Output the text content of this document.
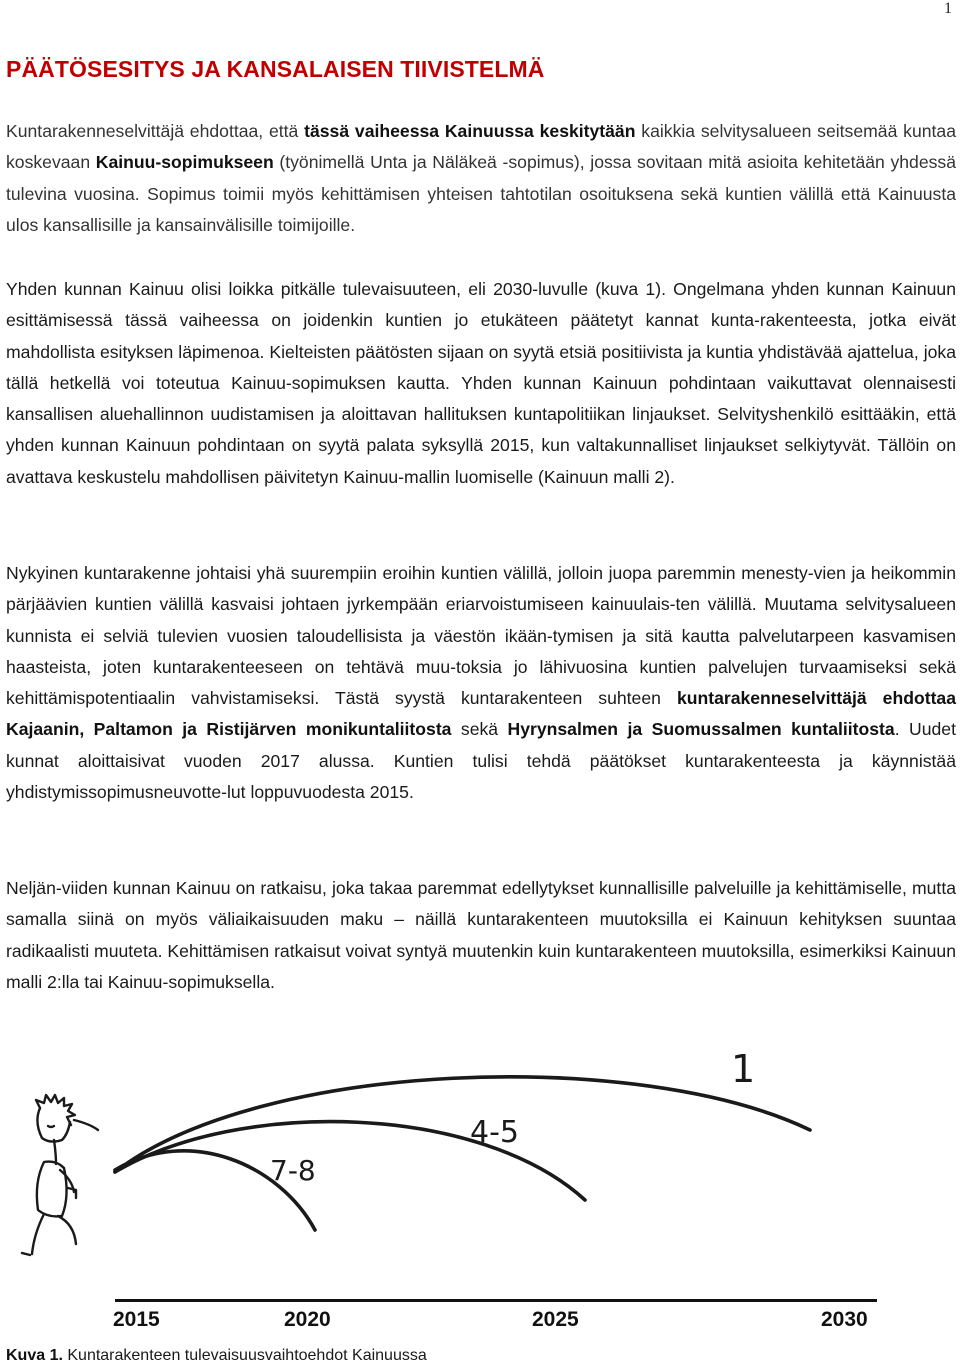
1
PÄÄTÖSESITYS JA KANSALAISEN TIIVISTELMÄ

Kuntarakenneselvittäjä ehdottaa, että tässä vaiheessa Kainuussa keskitytään kaikkia selvitysalueen seitsemää kuntaa koskevaan Kainuu-sopimukseen (työnimellä Unta ja Näläkeä -sopimus), jossa sovitaan mitä asioita kehitetään yhdessä tulevina vuosina. Sopimus toimii myös kehittämisen yhteisen tahtotilan osoituksena sekä kuntien välillä että Kainuusta ulos kansallisille ja kansainvälisille toimijoille.

Yhden kunnan Kainuu olisi loikka pitkälle tulevaisuuteen, eli 2030-luvulle (kuva 1). Ongelmana yhden kunnan Kainuun esittämisessä tässä vaiheessa on joidenkin kuntien jo etukäteen päätetyt kannat kunta-rakenteesta, jotka eivät mahdollista esityksen läpimenoa. Kielteisten päätösten sijaan on syytä etsiä positiivista ja kuntia yhdistävää ajattelua, joka tällä hetkellä voi toteutua Kainuu-sopimuksen kautta. Yhden kunnan Kainuun pohdintaan vaikuttavat olennaisesti kansallisen aluehallinnon uudistamisen ja aloittavan hallituksen kuntapolitiikan linjaukset. Selvityshenkilö esittääkin, että yhden kunnan Kainuun pohdintaan on syytä palata syksyllä 2015, kun valtakunnalliset linjaukset selkiytyvät. Tällöin on avattava keskustelu mahdollisen päivitetyn Kainuu-mallin luomiselle (Kainuun malli 2).

Nykyinen kuntarakenne johtaisi yhä suurempiin eroihin kuntien välillä, jolloin juopa paremmin menesty-vien ja heikommin pärjäävien kuntien välillä kasvaisi johtaen jyrkempään eriarvoistumiseen kainuulais-ten välillä. Muutama selvitysalueen kunnista ei selviä tulevien vuosien taloudellisista ja väestön ikään-tymisen ja sitä kautta palvelutarpeen kasvamisen haasteista, joten kuntarakenteeseen on tehtävä muu-toksia jo lähivuosina kuntien palvelujen turvaamiseksi sekä kehittämispotentiaalin vahvistamiseksi. Tästä syystä kuntarakenteen suhteen kuntarakenneselvittäjä ehdottaa Kajaanin, Paltamon ja Ristijärven monikuntaliitosta sekä Hyrynsalmen ja Suomussalmen kuntaliitosta. Uudet kunnat aloittaisivat vuoden 2017 alussa. Kuntien tulisi tehdä päätökset kuntarakenteesta ja käynnistää yhdistymissopimusneuvotte-lut loppuvuodesta 2015.

Neljän-viiden kunnan Kainuu on ratkaisu, joka takaa paremmat edellytykset kunnallisille palveluille ja kehittämiselle, mutta samalla siinä on myös väliaikaisuuden maku – näillä kuntarakenteen muutoksilla ei Kainuun kehityksen suuntaa radikaalisti muuteta. Kehittämisen ratkaisut voivat syntyä muutenkin kuin kuntarakenteen muutoksilla, esimerkiksi Kainuun malli 2:lla tai Kainuu-sopimuksella.

1
4-5
7-8
2015	2020	2025	2030
Kuva 1. Kuntarakenteen tulevaisuusvaihtoehdot Kainuussa
